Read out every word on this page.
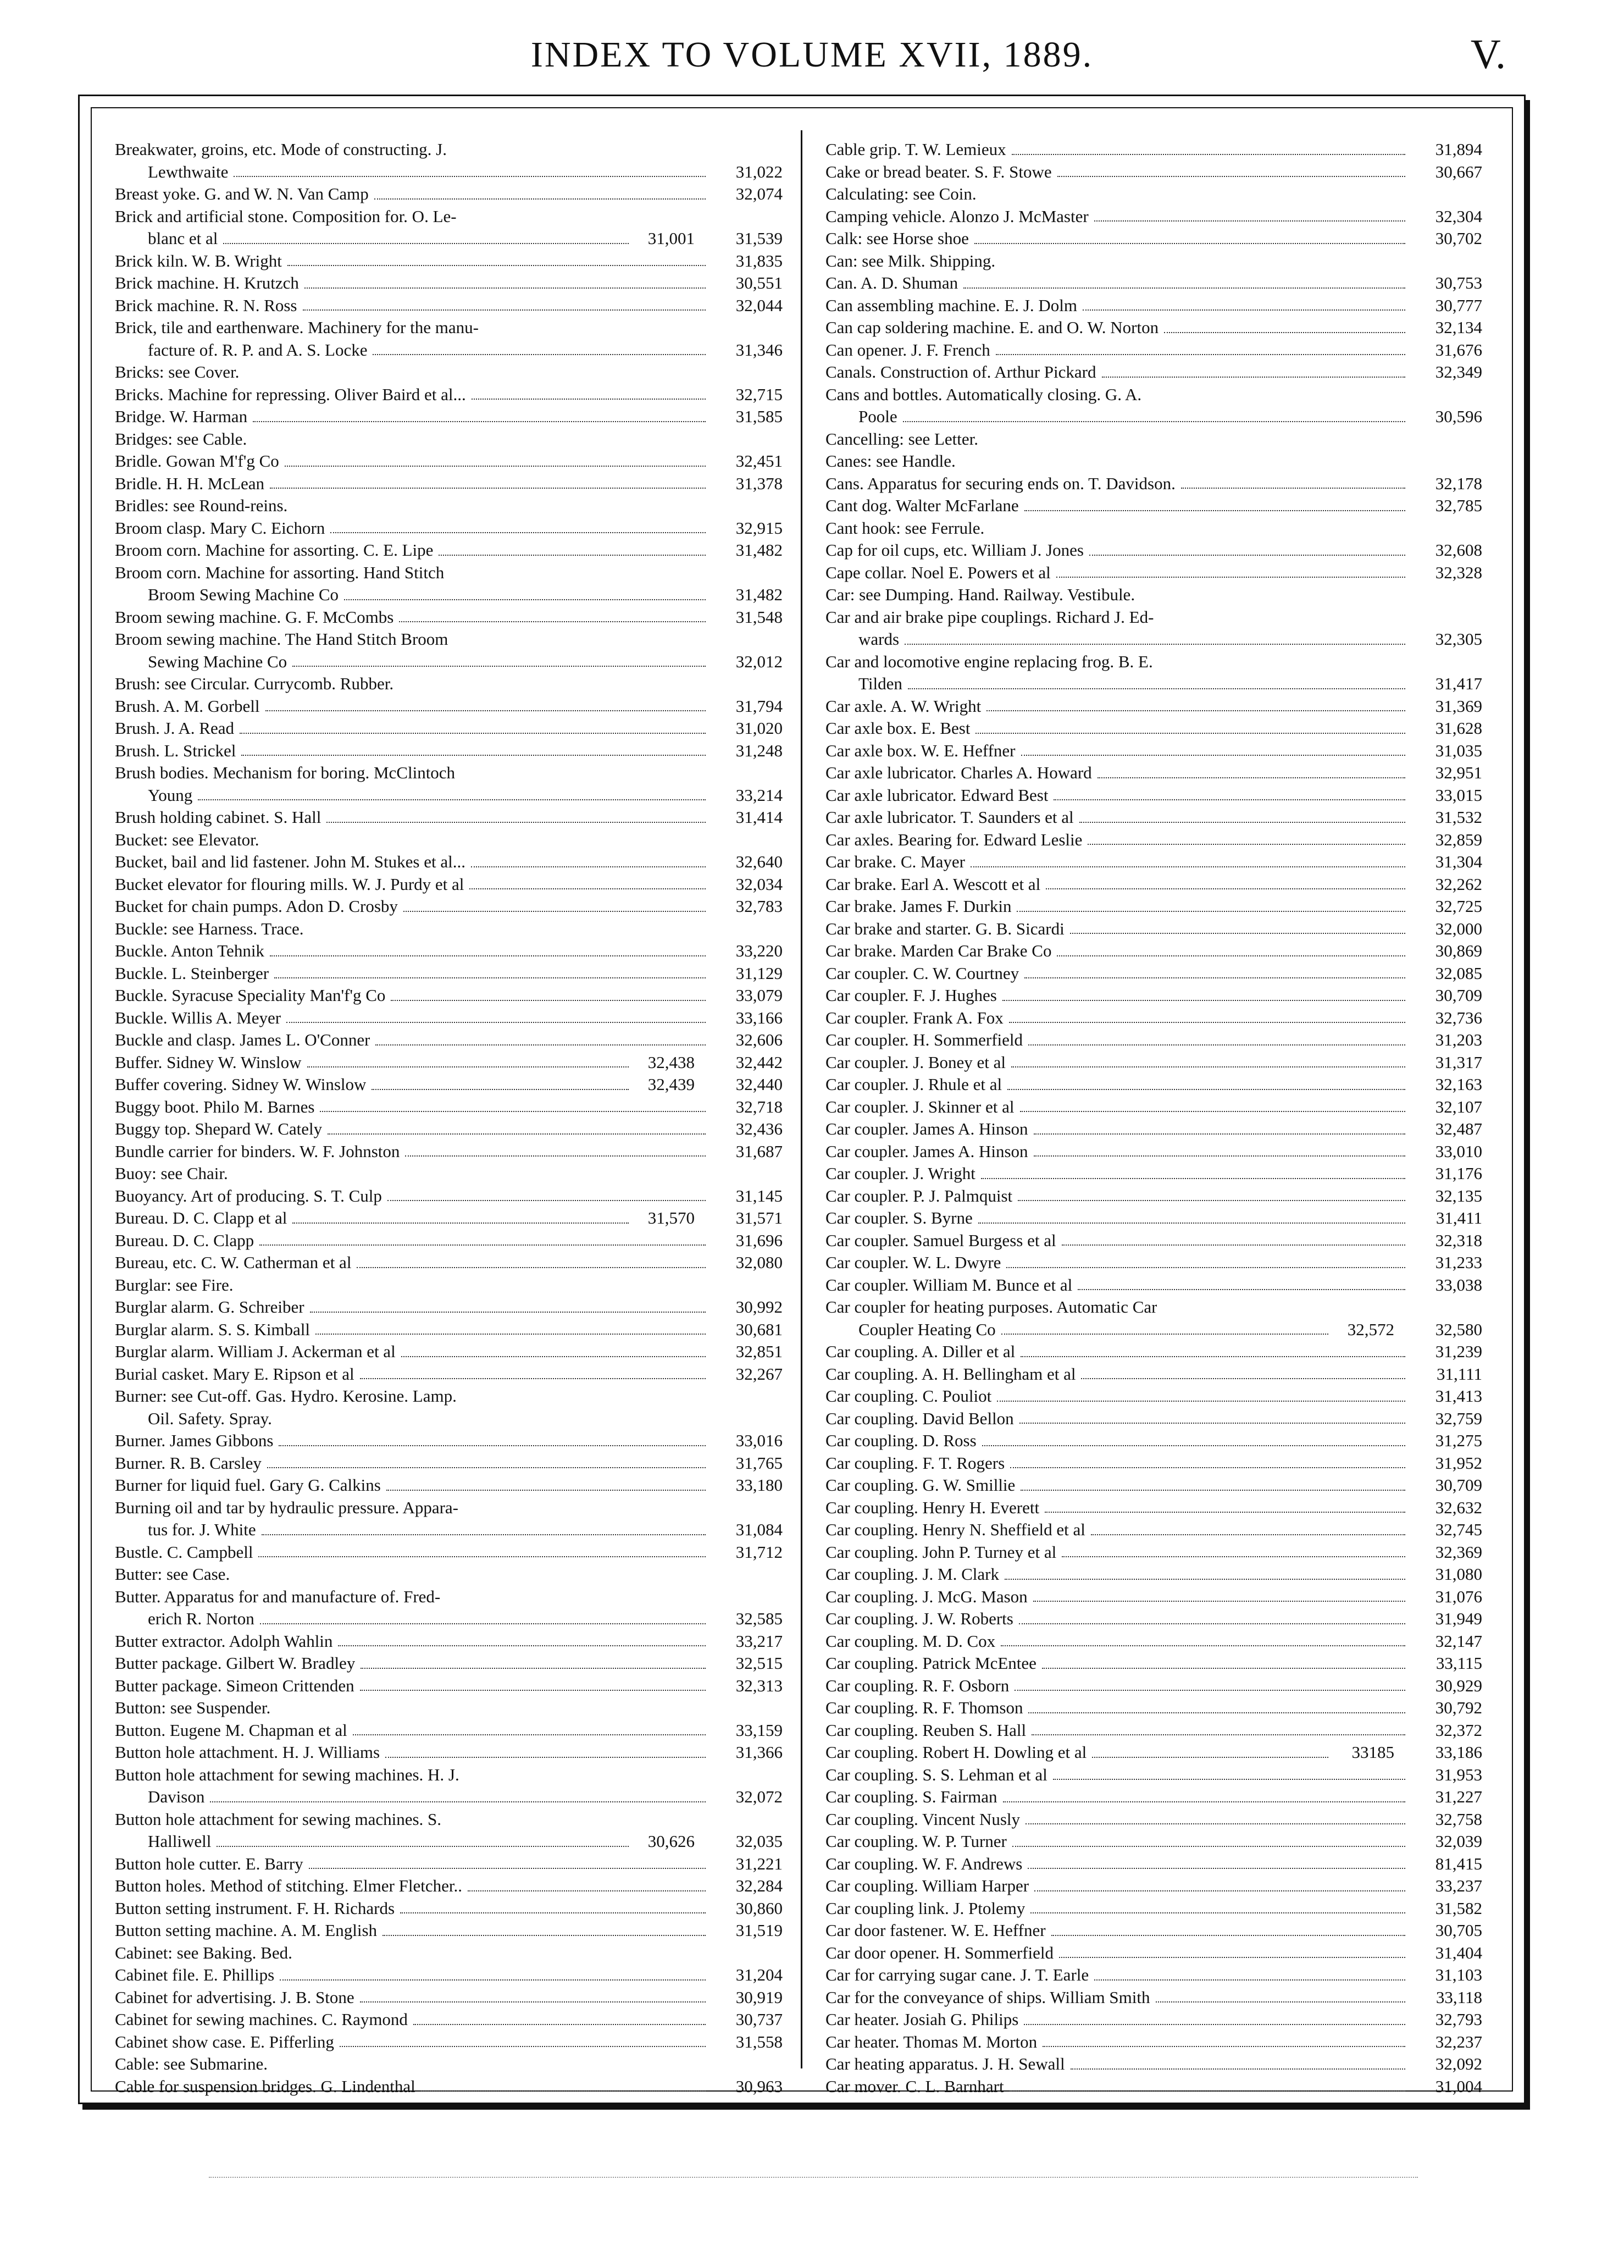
INDEX TO VOLUME XVII, 1889.	V.
Breakwater, groins, etc. Mode of constructing. J.
Lewthwaite	31,022
Breast yoke. G. and W. N. Van Camp	32,074
Brick and artificial stone. Composition for. O. Le-
blanc et al	31,001	31,539
Brick kiln. W. B. Wright	31,835
Brick machine. H. Krutzch	30,551
Brick machine. R. N. Ross	32,044
Brick, tile and earthenware. Machinery for the manu-
facture of. R. P. and A. S. Locke	31,346
Bricks: see Cover.
Bricks. Machine for repressing. Oliver Baird et al...	32,715
Bridge. W. Harman	31,585
Bridges: see Cable.
Bridle. Gowan M'f'g Co	32,451
Bridle. H. H. McLean	31,378
Bridles: see Round-reins.
Broom clasp. Mary C. Eichorn	32,915
Broom corn. Machine for assorting. C. E. Lipe	31,482
Broom corn. Machine for assorting. Hand Stitch
Broom Sewing Machine Co	31,482
Broom sewing machine. G. F. McCombs	31,548
Broom sewing machine. The Hand Stitch Broom
Sewing Machine Co	32,012
Brush: see Circular. Currycomb. Rubber.
Brush. A. M. Gorbell	31,794
Brush. J. A. Read	31,020
Brush. L. Strickel	31,248
Brush bodies. Mechanism for boring. McClintoch
Young	33,214
Brush holding cabinet. S. Hall	31,414
Bucket: see Elevator.
Bucket, bail and lid fastener. John M. Stukes et al...	32,640
Bucket elevator for flouring mills. W. J. Purdy et al	32,034
Bucket for chain pumps. Adon D. Crosby	32,783
Buckle: see Harness. Trace.
Buckle. Anton Tehnik	33,220
Buckle. L. Steinberger	31,129
Buckle. Syracuse Speciality Man'f'g Co	33,079
Buckle. Willis A. Meyer	33,166
Buckle and clasp. James L. O'Conner	32,606
Buffer. Sidney W. Winslow	32,438	32,442
Buffer covering. Sidney W. Winslow	32,439	32,440
Buggy boot. Philo M. Barnes	32,718
Buggy top. Shepard W. Cately	32,436
Bundle carrier for binders. W. F. Johnston	31,687
Buoy: see Chair.
Buoyancy. Art of producing. S. T. Culp	31,145
Bureau. D. C. Clapp et al	31,570	31,571
Bureau. D. C. Clapp	31,696
Bureau, etc. C. W. Catherman et al	32,080
Burglar: see Fire.
Burglar alarm. G. Schreiber	30,992
Burglar alarm. S. S. Kimball	30,681
Burglar alarm. William J. Ackerman et al	32,851
Burial casket. Mary E. Ripson et al	32,267
Burner: see Cut-off. Gas. Hydro. Kerosine. Lamp.
Oil. Safety. Spray.
Burner. James Gibbons	33,016
Burner. R. B. Carsley	31,765
Burner for liquid fuel. Gary G. Calkins	33,180
Burning oil and tar by hydraulic pressure. Appara-
tus for. J. White	31,084
Bustle. C. Campbell	31,712
Butter: see Case.
Butter. Apparatus for and manufacture of. Fred-
erich R. Norton	32,585
Butter extractor. Adolph Wahlin	33,217
Butter package. Gilbert W. Bradley	32,515
Butter package. Simeon Crittenden	32,313
Button: see Suspender.
Button. Eugene M. Chapman et al	33,159
Button hole attachment. H. J. Williams	31,366
Button hole attachment for sewing machines. H. J.
Davison	32,072
Button hole attachment for sewing machines. S.
Halliwell	30,626	32,035
Button hole cutter. E. Barry	31,221
Button holes. Method of stitching. Elmer Fletcher..	32,284
Button setting instrument. F. H. Richards	30,860
Button setting machine. A. M. English	31,519
Cabinet: see Baking. Bed.
Cabinet file. E. Phillips	31,204
Cabinet for advertising. J. B. Stone	30,919
Cabinet for sewing machines. C. Raymond	30,737
Cabinet show case. E. Pifferling	31,558
Cable: see Submarine.
Cable for suspension bridges. G. Lindenthal	30,963
Cable grip. T. W. Lemieux	31,894
Cake or bread beater. S. F. Stowe	30,667
Calculating: see Coin.
Camping vehicle. Alonzo J. McMaster	32,304
Calk: see Horse shoe	30,702
Can: see Milk. Shipping.
Can. A. D. Shuman	30,753
Can assembling machine. E. J. Dolm	30,777
Can cap soldering machine. E. and O. W. Norton	32,134
Can opener. J. F. French	31,676
Canals. Construction of. Arthur Pickard	32,349
Cans and bottles. Automatically closing. G. A.
Poole	30,596
Cancelling: see Letter.
Canes: see Handle.
Cans. Apparatus for securing ends on. T. Davidson.	32,178
Cant dog. Walter McFarlane	32,785
Cant hook: see Ferrule.
Cap for oil cups, etc. William J. Jones	32,608
Cape collar. Noel E. Powers et al	32,328
Car: see Dumping. Hand. Railway. Vestibule.
Car and air brake pipe couplings. Richard J. Ed-
wards	32,305
Car and locomotive engine replacing frog. B. E.
Tilden	31,417
Car axle. A. W. Wright	31,369
Car axle box. E. Best	31,628
Car axle box. W. E. Heffner	31,035
Car axle lubricator. Charles A. Howard	32,951
Car axle lubricator. Edward Best	33,015
Car axle lubricator. T. Saunders et al	31,532
Car axles. Bearing for. Edward Leslie	32,859
Car brake. C. Mayer	31,304
Car brake. Earl A. Wescott et al	32,262
Car brake. James F. Durkin	32,725
Car brake and starter. G. B. Sicardi	32,000
Car brake. Marden Car Brake Co	30,869
Car coupler. C. W. Courtney	32,085
Car coupler. F. J. Hughes	30,709
Car coupler. Frank A. Fox	32,736
Car coupler. H. Sommerfield	31,203
Car coupler. J. Boney et al	31,317
Car coupler. J. Rhule et al	32,163
Car coupler. J. Skinner et al	32,107
Car coupler. James A. Hinson	32,487
Car coupler. James A. Hinson	33,010
Car coupler. J. Wright	31,176
Car coupler. P. J. Palmquist	32,135
Car coupler. S. Byrne	31,411
Car coupler. Samuel Burgess et al	32,318
Car coupler. W. L. Dwyre	31,233
Car coupler. William M. Bunce et al	33,038
Car coupler for heating purposes. Automatic Car
Coupler Heating Co	32,572	32,580
Car coupling. A. Diller et al	31,239
Car coupling. A. H. Bellingham et al	31,111
Car coupling. C. Pouliot	31,413
Car coupling. David Bellon	32,759
Car coupling. D. Ross	31,275
Car coupling. F. T. Rogers	31,952
Car coupling. G. W. Smillie	30,709
Car coupling. Henry H. Everett	32,632
Car coupling. Henry N. Sheffield et al	32,745
Car coupling. John P. Turney et al	32,369
Car coupling. J. M. Clark	31,080
Car coupling. J. McG. Mason	31,076
Car coupling. J. W. Roberts	31,949
Car coupling. M. D. Cox	32,147
Car coupling. Patrick McEntee	33,115
Car coupling. R. F. Osborn	30,929
Car coupling. R. F. Thomson	30,792
Car coupling. Reuben S. Hall	32,372
Car coupling. Robert H. Dowling et al	33185	33,186
Car coupling. S. S. Lehman et al	31,953
Car coupling. S. Fairman	31,227
Car coupling. Vincent Nusly	32,758
Car coupling. W. P. Turner	32,039
Car coupling. W. F. Andrews	81,415
Car coupling. William Harper	33,237
Car coupling link. J. Ptolemy	31,582
Car door fastener. W. E. Heffner	30,705
Car door opener. H. Sommerfield	31,404
Car for carrying sugar cane. J. T. Earle	31,103
Car for the conveyance of ships. William Smith	33,118
Car heater. Josiah G. Philips	32,793
Car heater. Thomas M. Morton	32,237
Car heating apparatus. J. H. Sewall	32,092
Car mover. C. L. Barnhart	31,004
